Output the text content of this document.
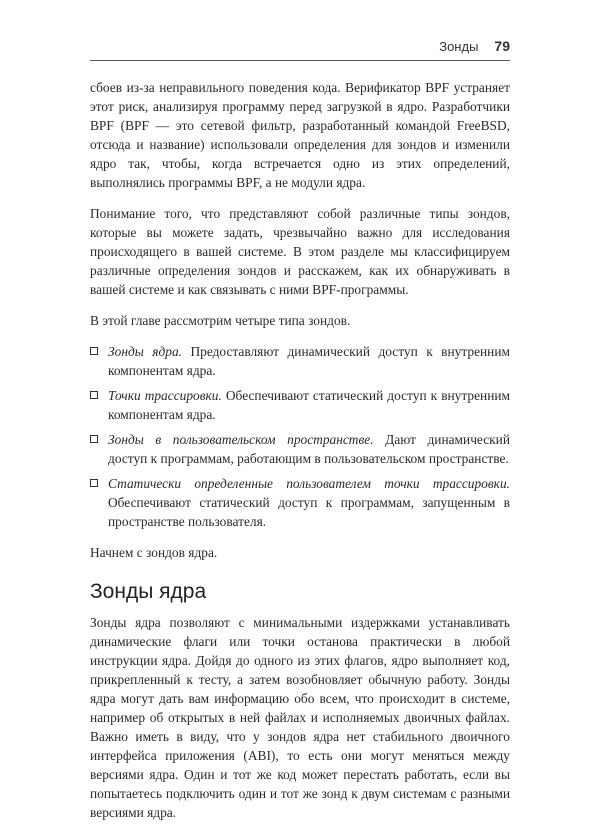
Зонды 79

сбоев из-за неправильного поведения кода. Верификатор BPF устраняет этот риск, анализируя программу перед загрузкой в ядро. Разработчики BPF (BPF — это сетевой фильтр, разработанный командой FreeBSD, отсюда и название) использовали определения для зондов и изменили ядро так, чтобы, когда встречается одно из этих определений, выполнялись программы BPF, а не модули ядра.

Понимание того, что представляют собой различные типы зондов, которые вы можете задать, чрезвычайно важно для исследования происходящего в вашей системе. В этом разделе мы классифицируем различные определения зондов и расскажем, как их обнаруживать в вашей системе и как связывать с ними BPF-программы.

В этой главе рассмотрим четыре типа зондов.

Зонды ядра. Предоставляют динамический доступ к внутренним компонентам ядра.
Точки трассировки. Обеспечивают статический доступ к внутренним компонентам ядра.
Зонды в пользовательском пространстве. Дают динамический доступ к программам, работающим в пользовательском пространстве.
Статически определенные пользователем точки трассировки. Обеспечивают статический доступ к программам, запущенным в пространстве пользователя.

Начнем с зондов ядра.

Зонды ядра

Зонды ядра позволяют с минимальными издержками устанавливать динамические флаги или точки останова практически в любой инструкции ядра. Дойдя до одного из этих флагов, ядро выполняет код, прикрепленный к тесту, а затем возобновляет обычную работу. Зонды ядра могут дать вам информацию обо всем, что происходит в системе, например об открытых в ней файлах и исполняемых двоичных файлах. Важно иметь в виду, что у зондов ядра нет стабильного двоичного интерфейса приложения (ABI), то есть они могут меняться между версиями ядра. Один и тот же код может перестать работать, если вы попытаетесь подключить один и тот же зонд к двум системам с разными версиями ядра.
